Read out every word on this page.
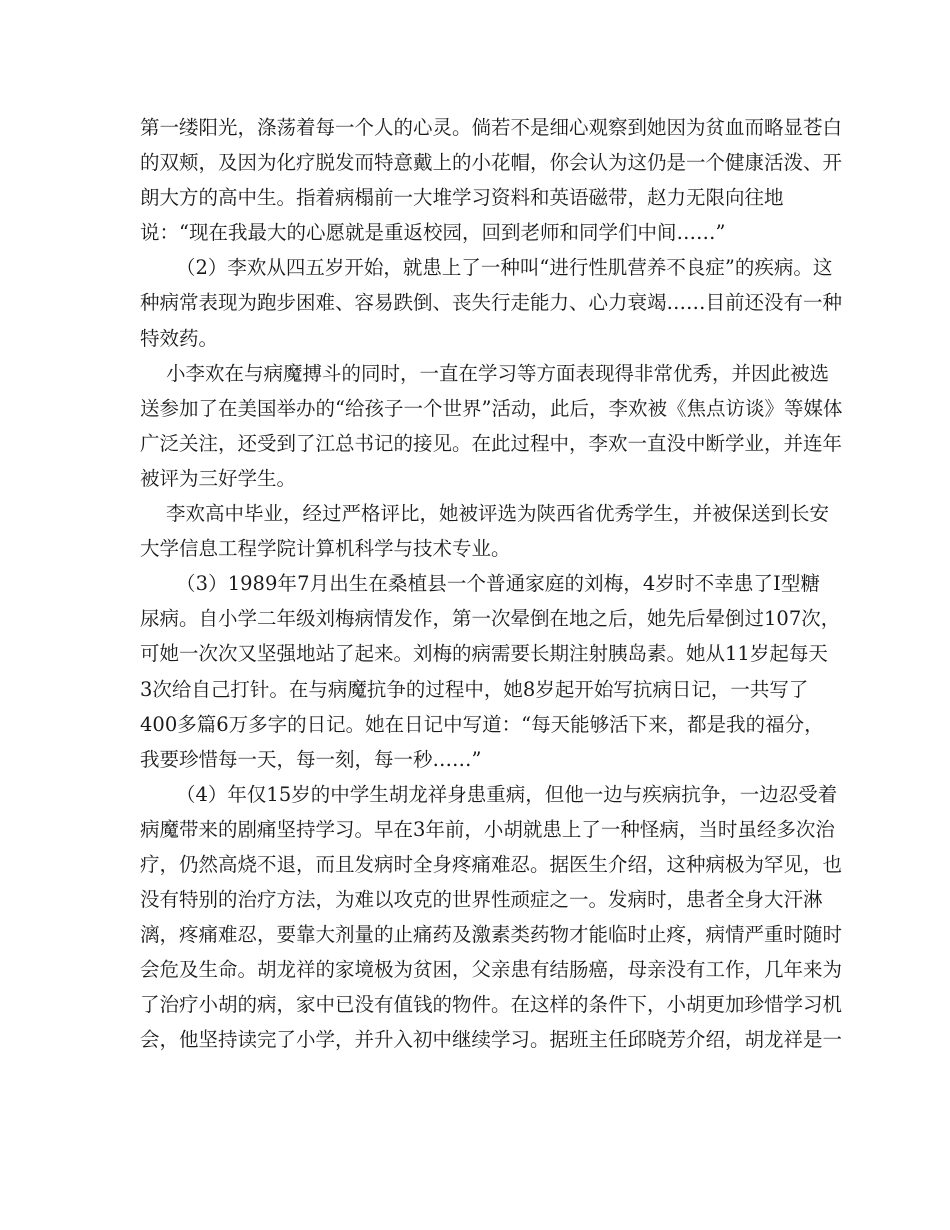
第一缕阳光，涤荡着每一个人的心灵。倘若不是细心观察到她因为贫血而略显苍白
的双颊，及因为化疗脱发而特意戴上的小花帽，你会认为这仍是一个健康活泼、开
朗大方的高中生。指着病榻前一大堆学习资料和英语磁带，赵力无限向往地
说：“现在我最大的心愿就是重返校园，回到老师和同学们中间……”
（2）李欢从四五岁开始，就患上了一种叫“进行性肌营养不良症”的疾病。这
种病常表现为跑步困难、容易跌倒、丧失行走能力、心力衰竭……目前还没有一种
特效药。
小李欢在与病魔搏斗的同时，一直在学习等方面表现得非常优秀，并因此被选
送参加了在美国举办的“给孩子一个世界”活动，此后，李欢被《焦点访谈》等媒体
广泛关注，还受到了江总书记的接见。在此过程中，李欢一直没中断学业，并连年
被评为三好学生。
李欢高中毕业，经过严格评比，她被评选为陕西省优秀学生，并被保送到长安
大学信息工程学院计算机科学与技术专业。
（3）1989年7月出生在桑植县一个普通家庭的刘梅，4岁时不幸患了Ⅰ型糖
尿病。自小学二年级刘梅病情发作，第一次晕倒在地之后，她先后晕倒过107次，
可她一次次又坚强地站了起来。刘梅的病需要长期注射胰岛素。她从11岁起每天
3次给自己打针。在与病魔抗争的过程中，她8岁起开始写抗病日记，一共写了
400多篇6万多字的日记。她在日记中写道：“每天能够活下来，都是我的福分，
我要珍惜每一天，每一刻，每一秒……”
（4）年仅15岁的中学生胡龙祥身患重病，但他一边与疾病抗争，一边忍受着
病魔带来的剧痛坚持学习。早在3年前，小胡就患上了一种怪病，当时虽经多次治
疗，仍然高烧不退，而且发病时全身疼痛难忍。据医生介绍，这种病极为罕见，也
没有特别的治疗方法，为难以攻克的世界性顽症之一。发病时，患者全身大汗淋
漓，疼痛难忍，要靠大剂量的止痛药及激素类药物才能临时止疼，病情严重时随时
会危及生命。胡龙祥的家境极为贫困，父亲患有结肠癌，母亲没有工作，几年来为
了治疗小胡的病，家中已没有值钱的物件。在这样的条件下，小胡更加珍惜学习机
会，他坚持读完了小学，并升入初中继续学习。据班主任邱晓芳介绍，胡龙祥是一
